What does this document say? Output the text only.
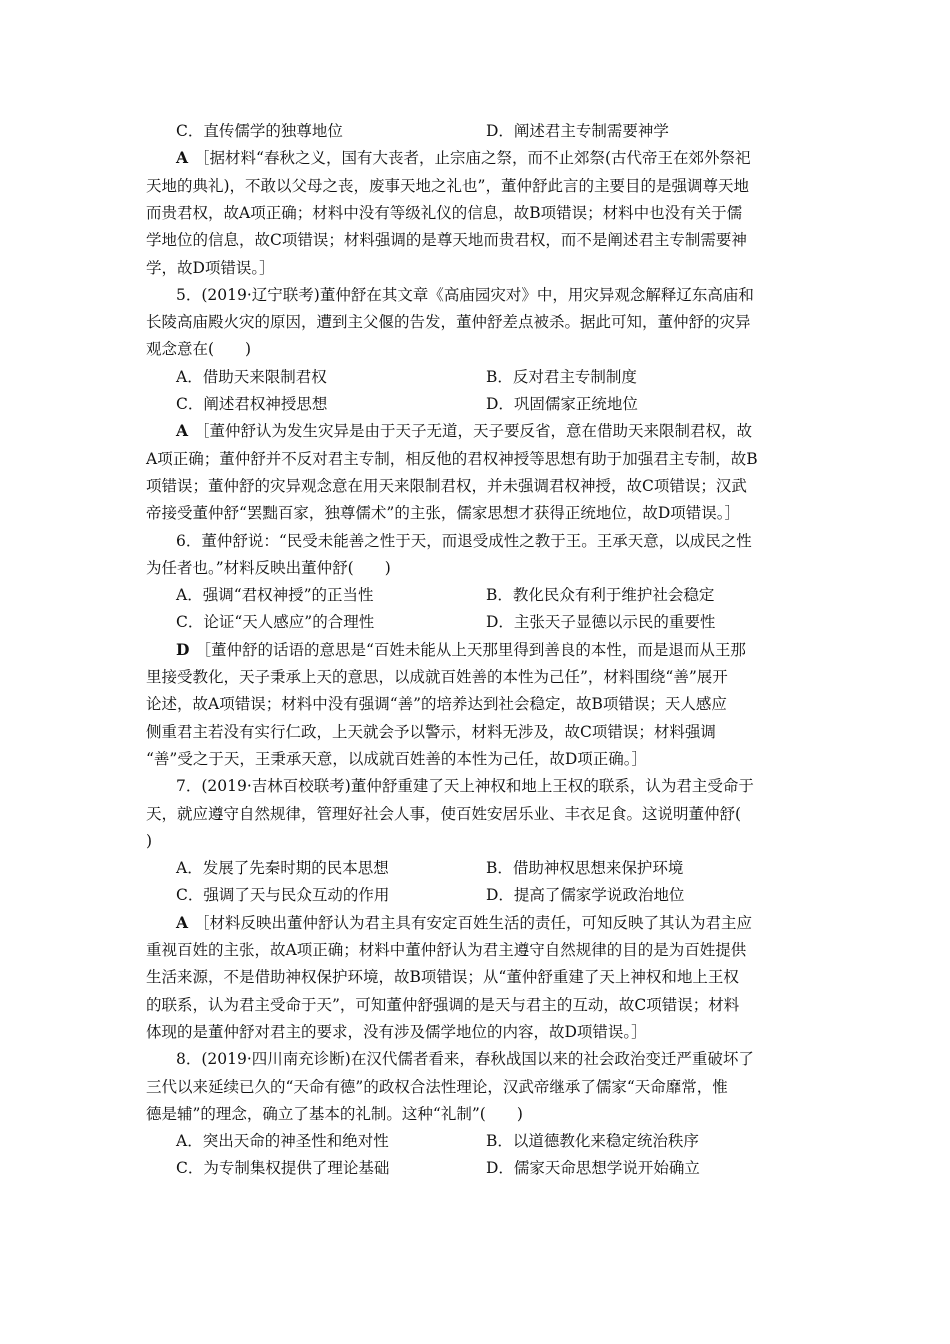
C．直传儒学的独尊地位	D．阐述君主专制需要神学
A ［据材料“春秋之义，国有大丧者，止宗庙之祭，而不止郊祭(古代帝王在郊外祭祀
天地的典礼)，不敢以父母之丧，废事天地之礼也”，董仲舒此言的主要目的是强调尊天地
而贵君权，故A项正确；材料中没有等级礼仪的信息，故B项错误；材料中也没有关于儒
学地位的信息，故C项错误；材料强调的是尊天地而贵君权，而不是阐述君主专制需要神
学，故D项错误。］
5．(2019·辽宁联考)董仲舒在其文章《高庙园灾对》中，用灾异观念解释辽东高庙和
长陵高庙殿火灾的原因，遭到主父偃的告发，董仲舒差点被杀。据此可知，董仲舒的灾异
观念意在(　　)
A．借助天来限制君权	B．反对君主专制制度
C．阐述君权神授思想	D．巩固儒家正统地位
A ［董仲舒认为发生灾异是由于天子无道，天子要反省，意在借助天来限制君权，故
A项正确；董仲舒并不反对君主专制，相反他的君权神授等思想有助于加强君主专制，故B
项错误；董仲舒的灾异观念意在用天来限制君权，并未强调君权神授，故C项错误；汉武
帝接受董仲舒“罢黜百家，独尊儒术”的主张，儒家思想才获得正统地位，故D项错误。］
6．董仲舒说：“民受未能善之性于天，而退受成性之教于王。王承天意，以成民之性
为任者也。”材料反映出董仲舒(　　)
A．强调“君权神授”的正当性	B．教化民众有利于维护社会稳定
C．论证“天人感应”的合理性	D．主张天子显德以示民的重要性
D ［董仲舒的话语的意思是“百姓未能从上天那里得到善良的本性，而是退而从王那
里接受教化，天子秉承上天的意思，以成就百姓善的本性为己任”，材料围绕“善”展开
论述，故A项错误；材料中没有强调“善”的培养达到社会稳定，故B项错误；天人感应
侧重君主若没有实行仁政，上天就会予以警示，材料无涉及，故C项错误；材料强调
“善”受之于天，王秉承天意，以成就百姓善的本性为己任，故D项正确。］
7．(2019·吉林百校联考)董仲舒重建了天上神权和地上王权的联系，认为君主受命于
天，就应遵守自然规律，管理好社会人事，使百姓安居乐业、丰衣足食。这说明董仲舒(
)
A．发展了先秦时期的民本思想	B．借助神权思想来保护环境
C．强调了天与民众互动的作用	D．提高了儒家学说政治地位
A ［材料反映出董仲舒认为君主具有安定百姓生活的责任，可知反映了其认为君主应
重视百姓的主张，故A项正确；材料中董仲舒认为君主遵守自然规律的目的是为百姓提供
生活来源，不是借助神权保护环境，故B项错误；从“董仲舒重建了天上神权和地上王权
的联系，认为君主受命于天”，可知董仲舒强调的是天与君主的互动，故C项错误；材料
体现的是董仲舒对君主的要求，没有涉及儒学地位的内容，故D项错误。］
8．(2019·四川南充诊断)在汉代儒者看来，春秋战国以来的社会政治变迁严重破坏了
三代以来延续已久的“天命有德”的政权合法性理论，汉武帝继承了儒家“天命靡常，惟
德是辅”的理念，确立了基本的礼制。这种“礼制”(　　)
A．突出天命的神圣性和绝对性	B．以道德教化来稳定统治秩序
C．为专制集权提供了理论基础	D．儒家天命思想学说开始确立
